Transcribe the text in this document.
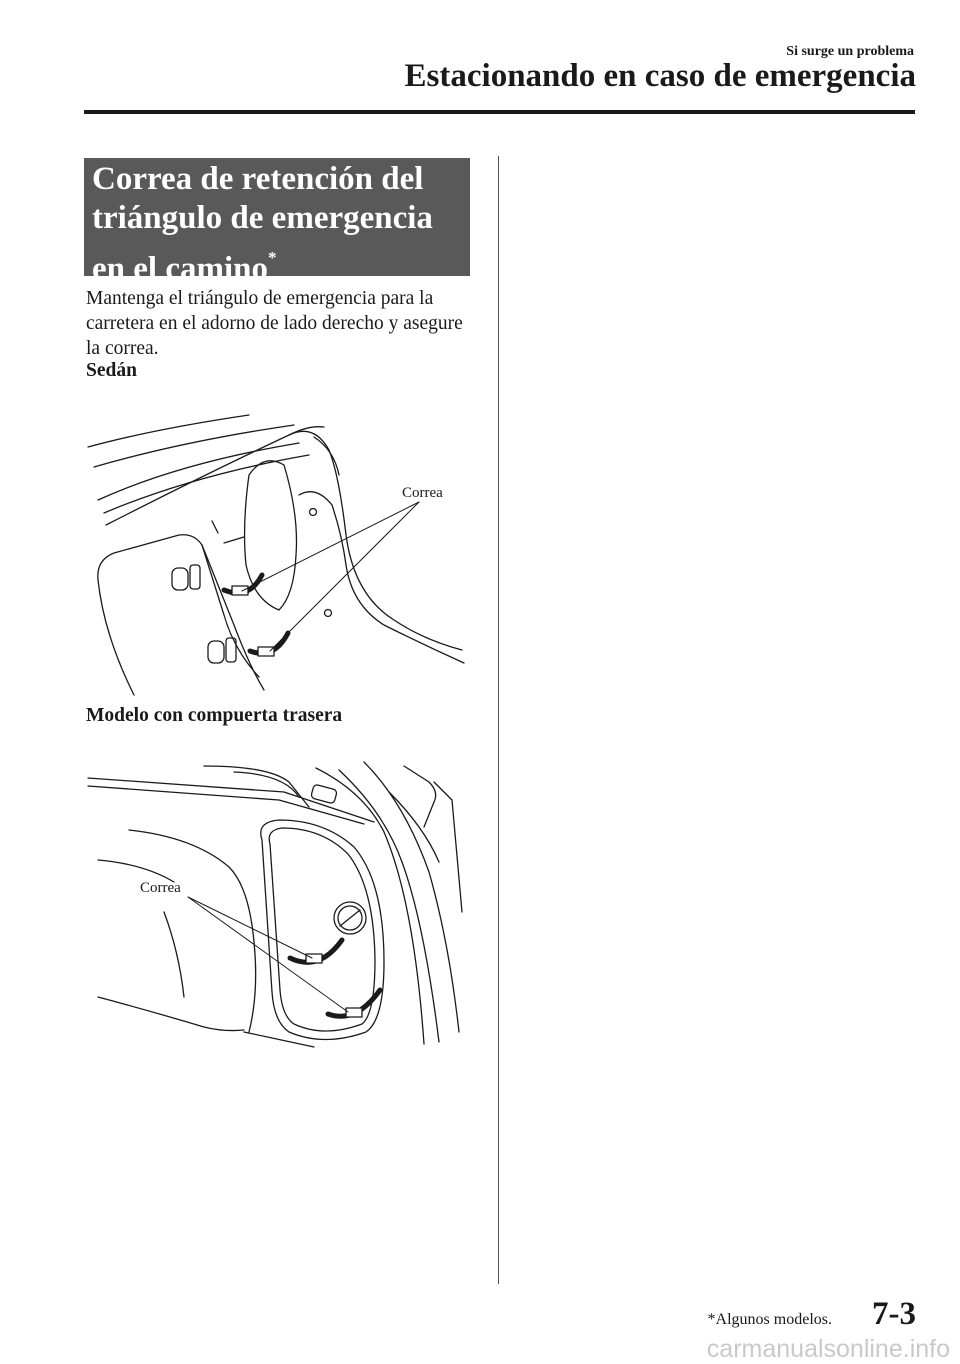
Si surge un problema
Estacionando en caso de emergencia
Correa de retención del
triángulo de emergencia
en el camino*
Mantenga el triángulo de emergencia para la carretera en el adorno de lado derecho y asegure la correa.
Sedán
Correa
Modelo con compuerta trasera
Correa
*Algunos modelos. 7-3
carmanualsonline.info
